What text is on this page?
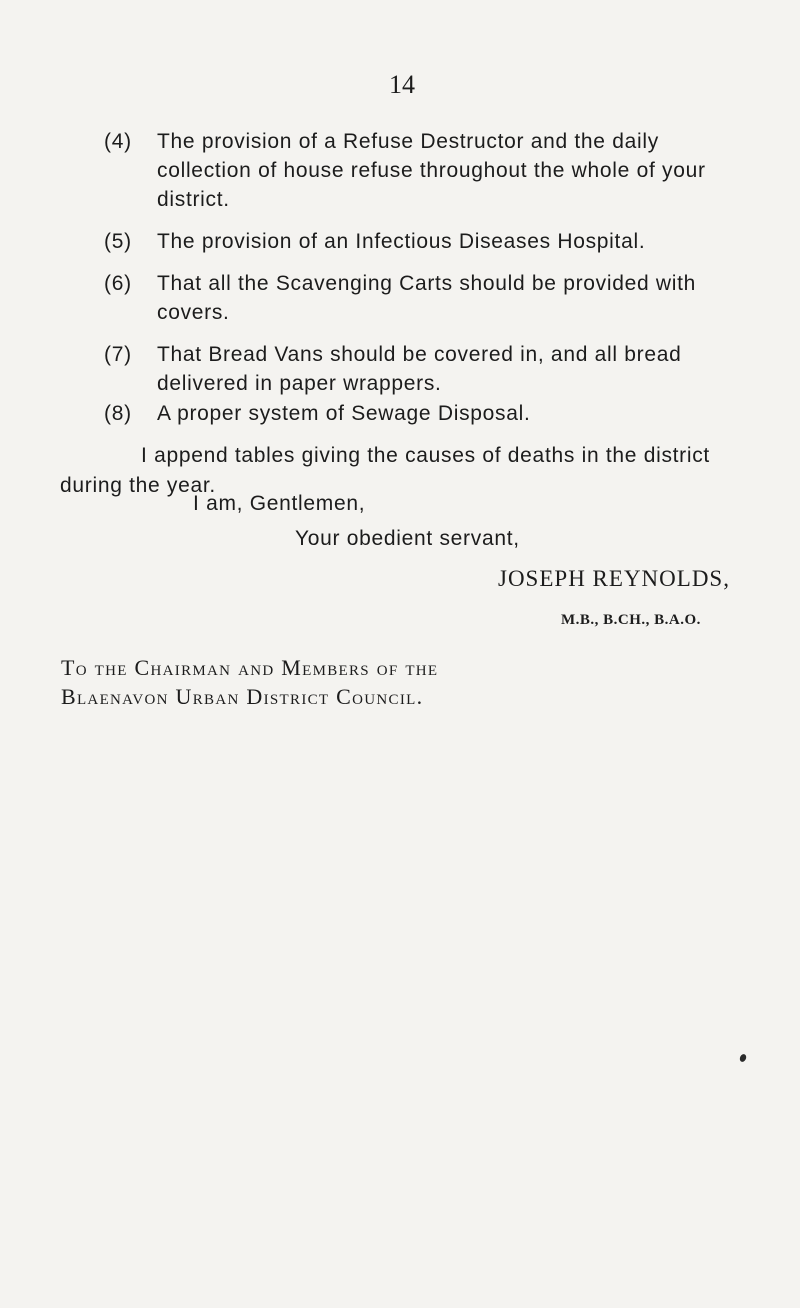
14
(4) The provision of a Refuse Destructor and the daily collection of house refuse throughout the whole of your district.
(5) The provision of an Infectious Diseases Hospital.
(6) That all the Scavenging Carts should be provided with covers.
(7) That Bread Vans should be covered in, and all bread delivered in paper wrappers.
(8) A proper system of Sewage Disposal.
I append tables giving the causes of deaths in the district
during the year.
I am, Gentlemen,
Your obedient servant,
JOSEPH REYNOLDS,
M.B., B.CH., B.A.O.
To the Chairman and Members of the
Blaenavon Urban District Council.
